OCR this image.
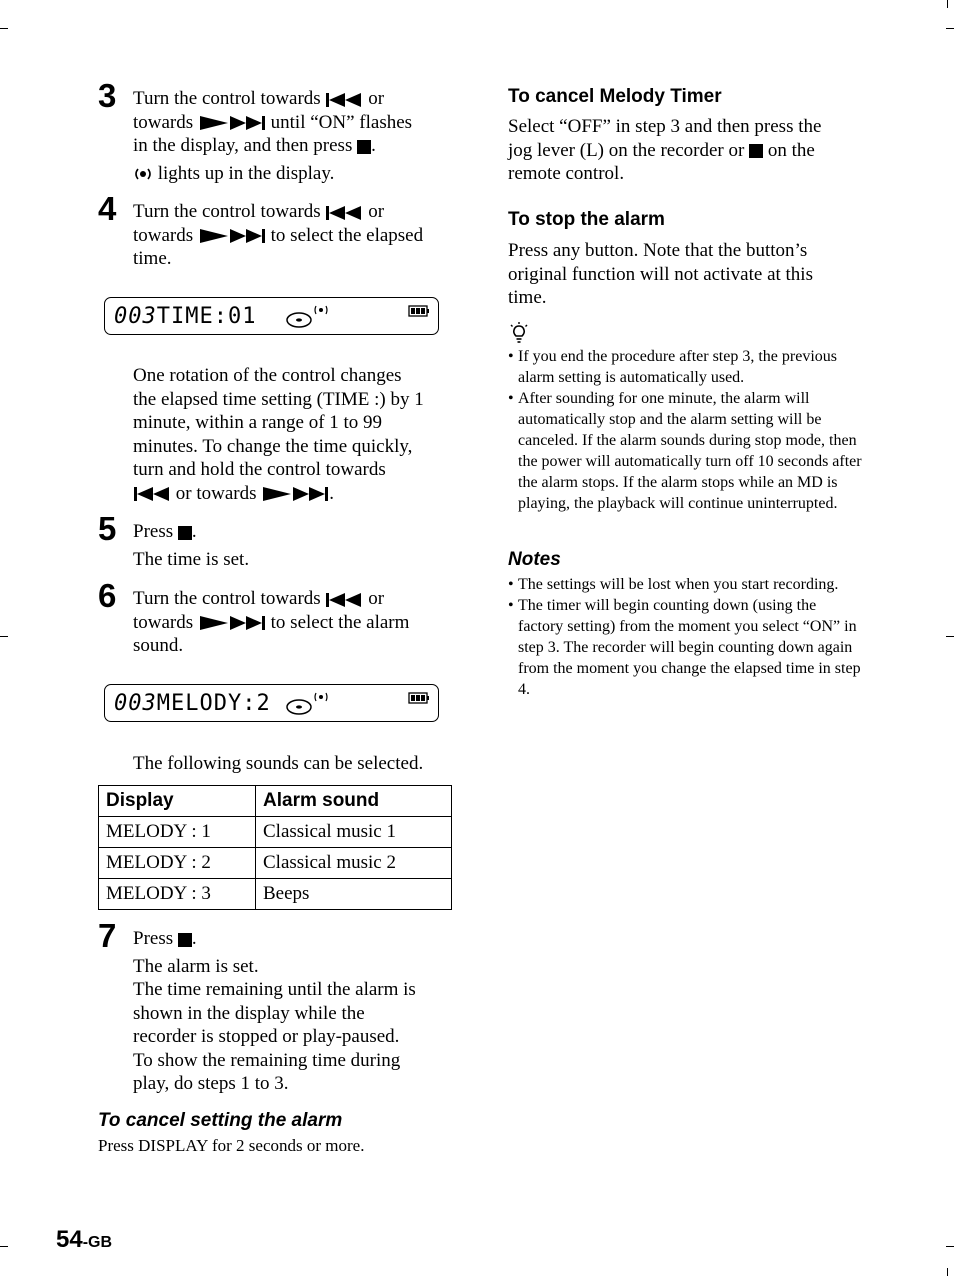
3 Turn the control towards	or
towards	until “ON” flashes
in the display, and then press .
lights up in the display.
4 Turn the control towards	or
towards	to select the elapsed
time.
003TIME:01
One rotation of the control changes
the elapsed time setting (TIME :) by 1
minute, within a range of 1 to 99
minutes. To change the time quickly,
turn and hold the control towards
or towards	.
5 Press .
The time is set.
6 Turn the control towards	or
towards	to select the alarm
sound.
003MELODY:2
The following sounds can be selected.
Display	Alarm sound
MELODY : 1	Classical music 1
MELODY : 2	Classical music 2
MELODY : 3	Beeps
7 Press .
The alarm is set.
The time remaining until the alarm is
shown in the display while the
recorder is stopped or play-paused.
To show the remaining time during
play, do steps 1 to 3.
To cancel setting the alarm
Press DISPLAY for 2 seconds or more.
54-GB
To cancel Melody Timer
Select “OFF” in step 3 and then press the
jog lever (L) on the recorder or on the
remote control.
To stop the alarm
Press any button. Note that the button’s
original function will not activate at this
time.
• If you end the procedure after step 3, the previous alarm setting is automatically used.
• After sounding for one minute, the alarm will automatically stop and the alarm setting will be canceled. If the alarm sounds during stop mode, then the power will automatically turn off 10 seconds after the alarm stops. If the alarm stops while an MD is playing, the playback will continue uninterrupted.
Notes
• The settings will be lost when you start recording.
• The timer will begin counting down (using the factory setting) from the moment you select “ON” in step 3. The recorder will begin counting down again from the moment you change the elapsed time in step 4.
